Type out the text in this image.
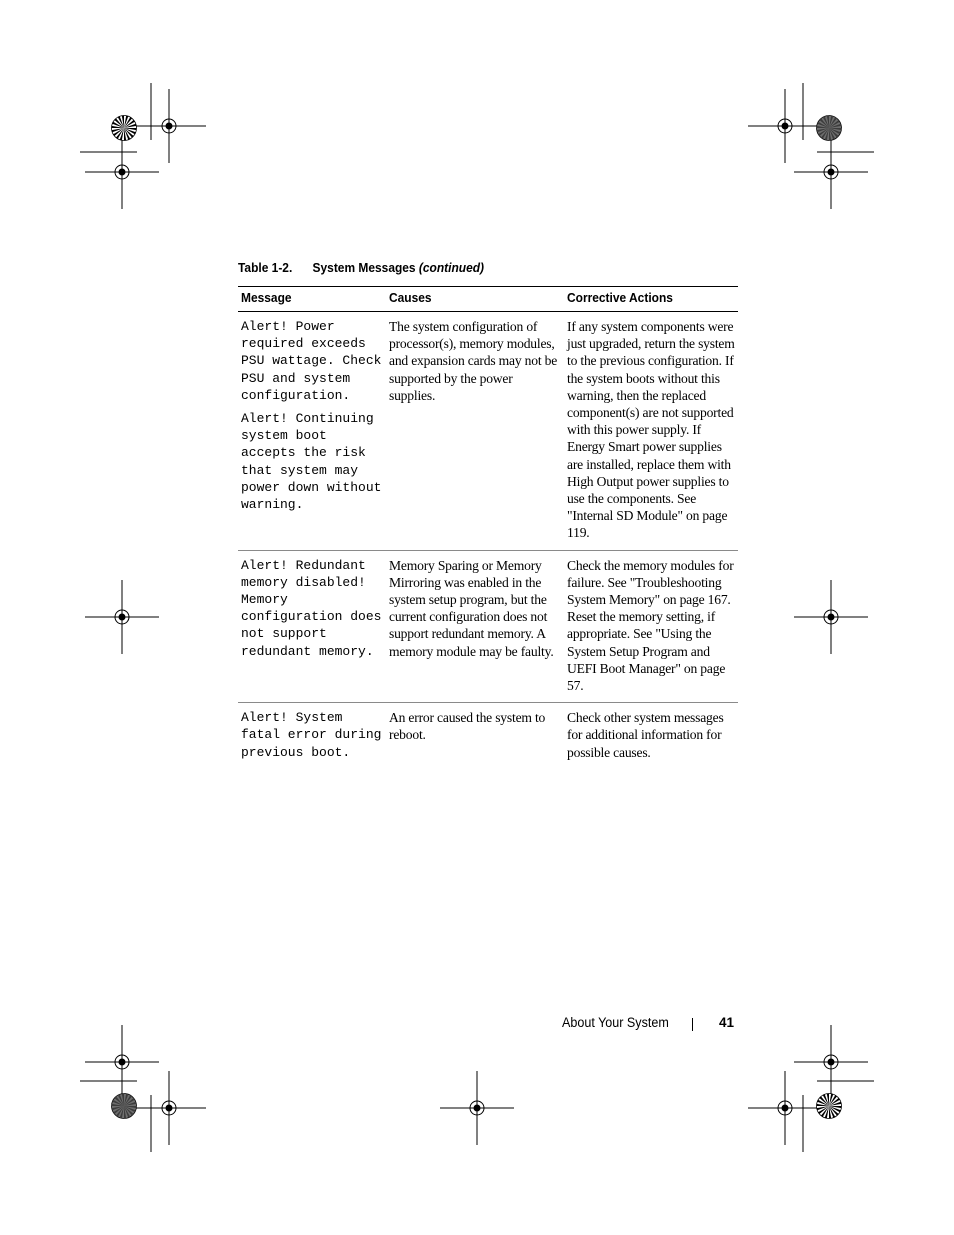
Table 1-2. System Messages (continued)
Message	Causes	Corrective Actions

Alert! Power required exceeds PSU wattage. Check PSU and system configuration.

Alert! Continuing system boot accepts the risk that system may power down without warning.	The system configuration of processor(s), memory modules, and expansion cards may not be supported by the power supplies.	If any system components were just upgraded, return the system to the previous configuration. If the system boots without this warning, then the replaced component(s) are not supported with this power supply. If Energy Smart power supplies are installed, replace them with High Output power supplies to use the components. See "Internal SD Module" on page 119.

Alert! Redundant memory disabled! Memory configuration does not support redundant memory.	Memory Sparing or Memory Mirroring was enabled in the system setup program, but the current configuration does not support redundant memory. A memory module may be faulty.	Check the memory modules for failure. See "Troubleshooting System Memory" on page 167. Reset the memory setting, if appropriate. See "Using the System Setup Program and UEFI Boot Manager" on page 57.

Alert! System fatal error during previous boot.	An error caused the system to reboot.	Check other system messages for additional information for possible causes.
About Your System	41
